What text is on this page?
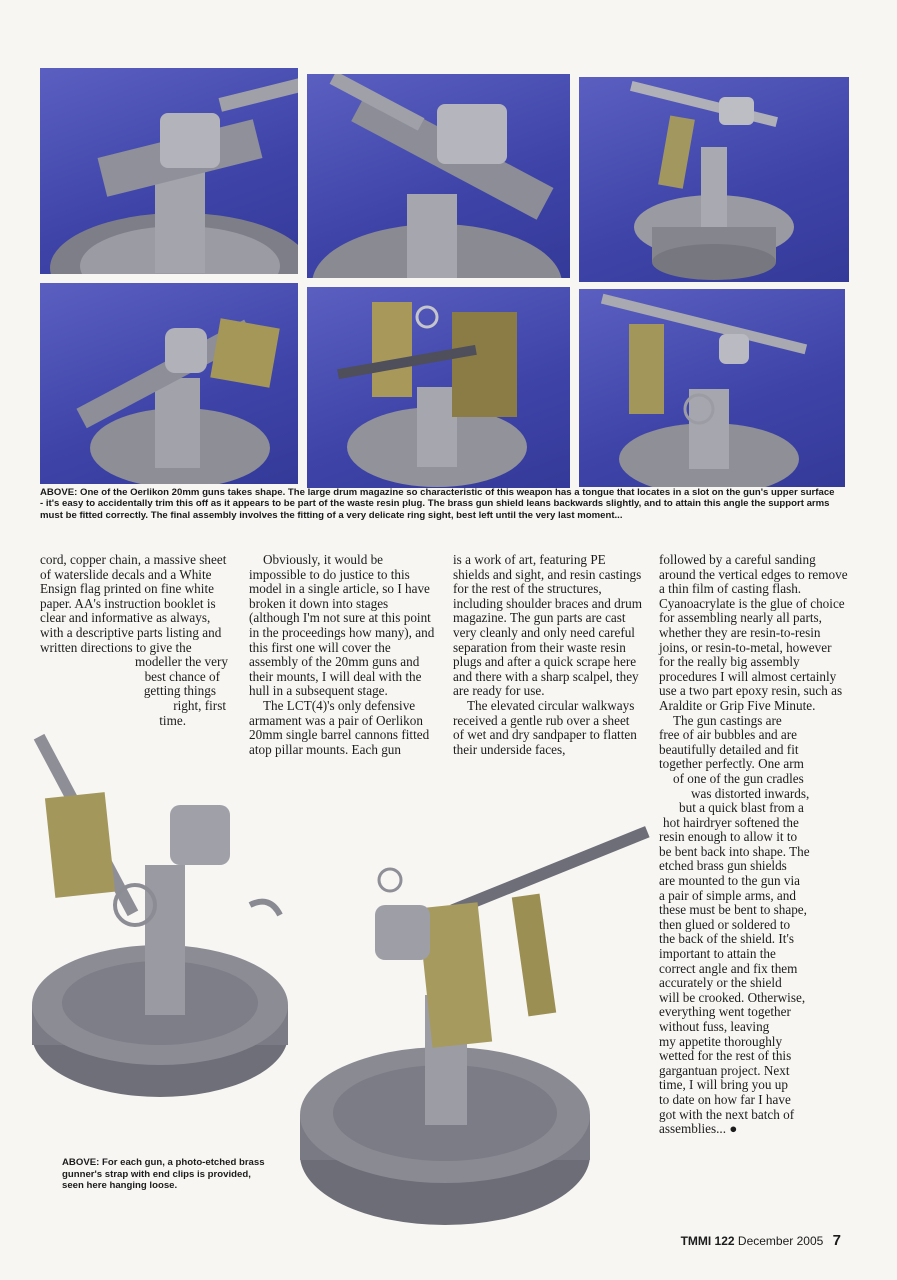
ABOVE: One of the Oerlikon 20mm guns takes shape. The large drum magazine so characteristic of this weapon has a tongue that locates in a slot on the gun's upper surface - it's easy to accidentally trim this off as it appears to be part of the waste resin plug. The brass gun shield leans backwards slightly, and to attain this angle the support arms must be fitted correctly. The final assembly involves the fitting of a very delicate ring sight, best left until the very last moment...

cord, copper chain, a massive sheet of waterslide decals and a White Ensign flag printed on fine white paper. AA's instruction booklet is clear and informative as always, with a descriptive parts listing and written directions to give the

modeller the very
best chance of
getting things
right, first
time.

Obviously, it would be impossible to do justice to this model in a single article, so I have broken it down into stages (although I'm not sure at this point in the proceedings how many), and this first one will cover the assembly of the 20mm guns and their mounts, I will deal with the hull in a subsequent stage.

The LCT(4)'s only defensive armament was a pair of Oerlikon 20mm single barrel cannons fitted atop pillar mounts. Each gun

is a work of art, featuring PE shields and sight, and resin castings for the rest of the structures, including shoulder braces and drum magazine. The gun parts are cast very cleanly and only need careful separation from their waste resin plugs and after a quick scrape here and there with a sharp scalpel, they are ready for use.

The elevated circular walkways received a gentle rub over a sheet of wet and dry sandpaper to flatten their underside faces,

followed by a careful sanding around the vertical edges to remove a thin film of casting flash. Cyanoacrylate is the glue of choice for assembling nearly all parts, whether they are resin-to-resin joins, or resin-to-metal, however for the really big assembly procedures I will almost certainly use a two part epoxy resin, such as Araldite or Grip Five Minute.

The gun castings are
free of air bubbles and are
beautifully detailed and fit
together perfectly. One arm
of one of the gun cradles
was distorted inwards,
but a quick blast from a
hot hairdryer softened the
resin enough to allow it to
be bent back into shape. The
etched brass gun shields
are mounted to the gun via
a pair of simple arms, and
these must be bent to shape,
then glued or soldered to
the back of the shield. It's
important to attain the
correct angle and fix them
accurately or the shield
will be crooked. Otherwise,
everything went together
without fuss, leaving
my appetite thoroughly
wetted for the rest of this
gargantuan project. Next
time, I will bring you up
to date on how far I have
got with the next batch of
assemblies... ●
ABOVE: For each gun, a photo-etched brass gunner's strap with end clips is provided, seen here hanging loose.
TMMI 122 December 2005 7
